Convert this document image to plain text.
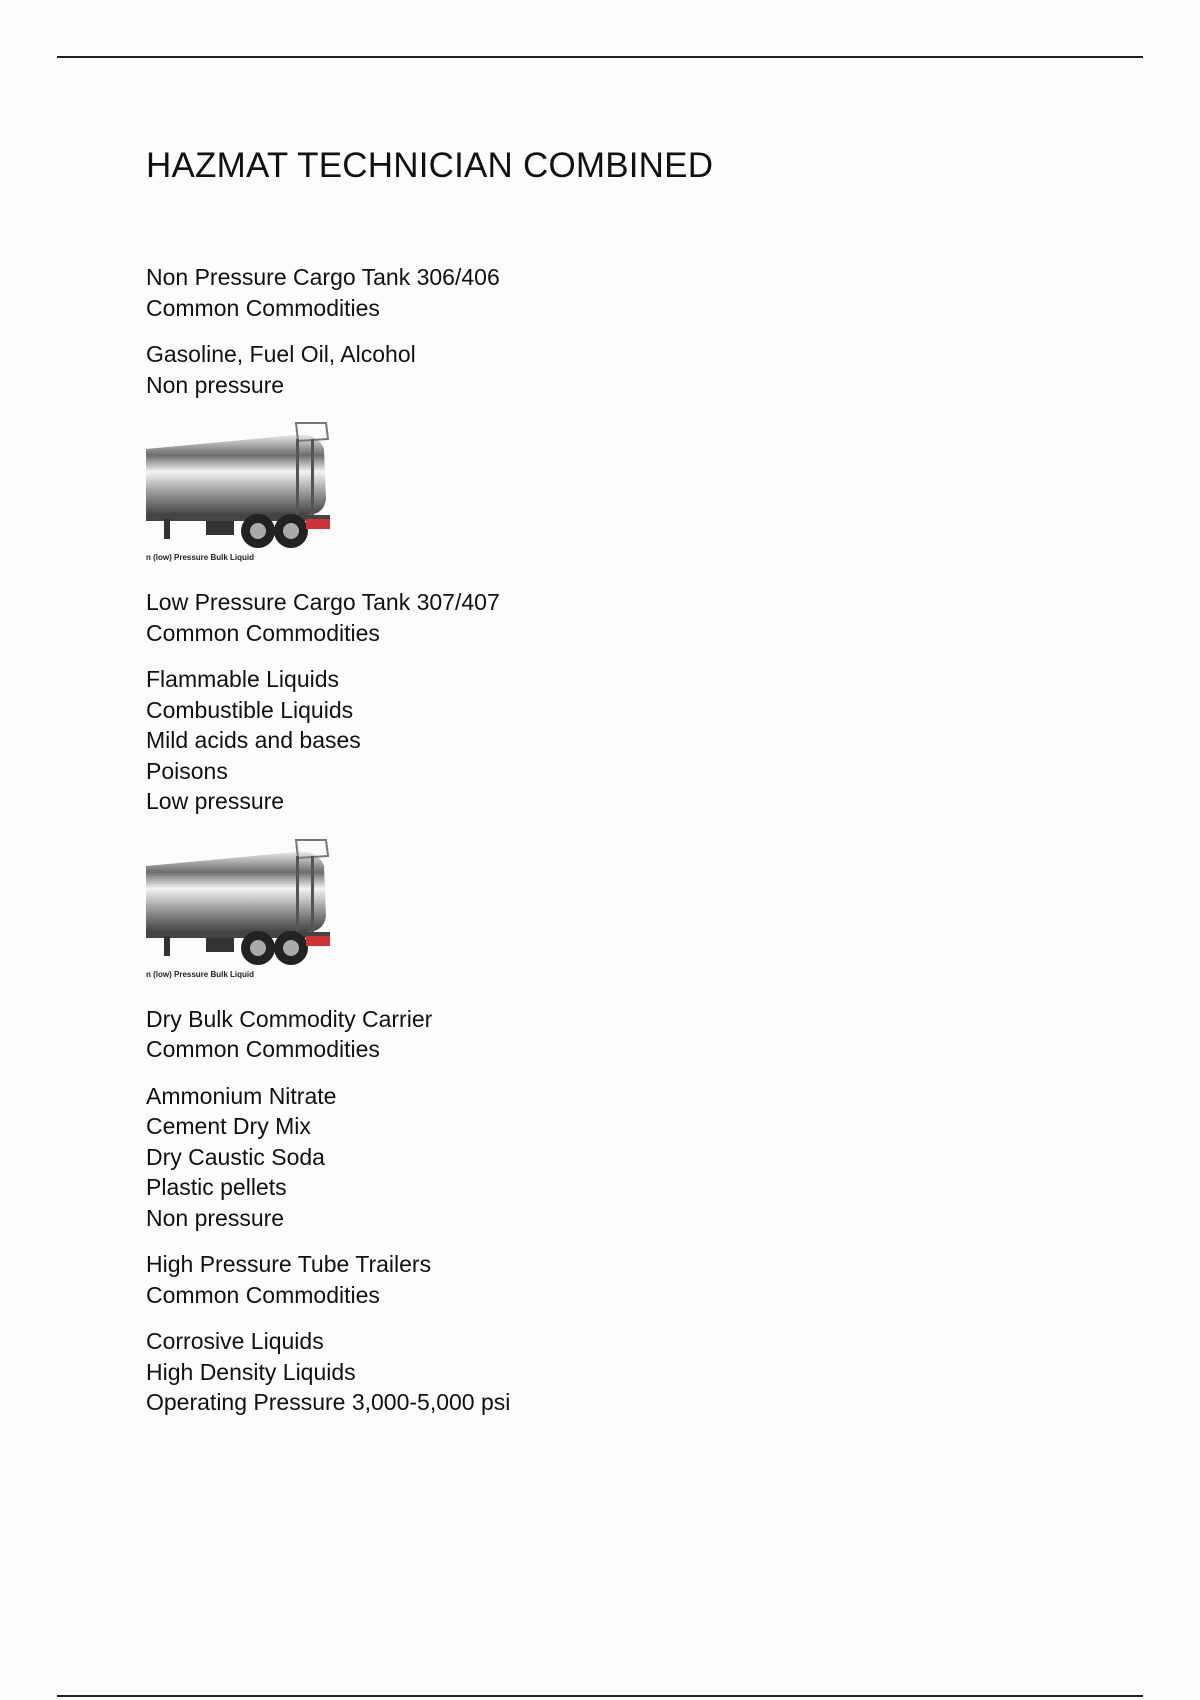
HAZMAT TECHNICIAN COMBINED
Non Pressure Cargo Tank 306/406
Common Commodities
Gasoline, Fuel Oil, Alcohol
Non pressure
n (low) Pressure Bulk Liquid
Low Pressure Cargo Tank 307/407
Common Commodities
Flammable Liquids
Combustible Liquids
Mild acids and bases
Poisons
Low pressure
n (low) Pressure Bulk Liquid
Dry Bulk Commodity Carrier
Common Commodities
Ammonium Nitrate
Cement Dry Mix
Dry Caustic Soda
Plastic pellets
Non pressure
High Pressure Tube Trailers
Common Commodities
Corrosive Liquids
High Density Liquids
Operating Pressure 3,000-5,000 psi
